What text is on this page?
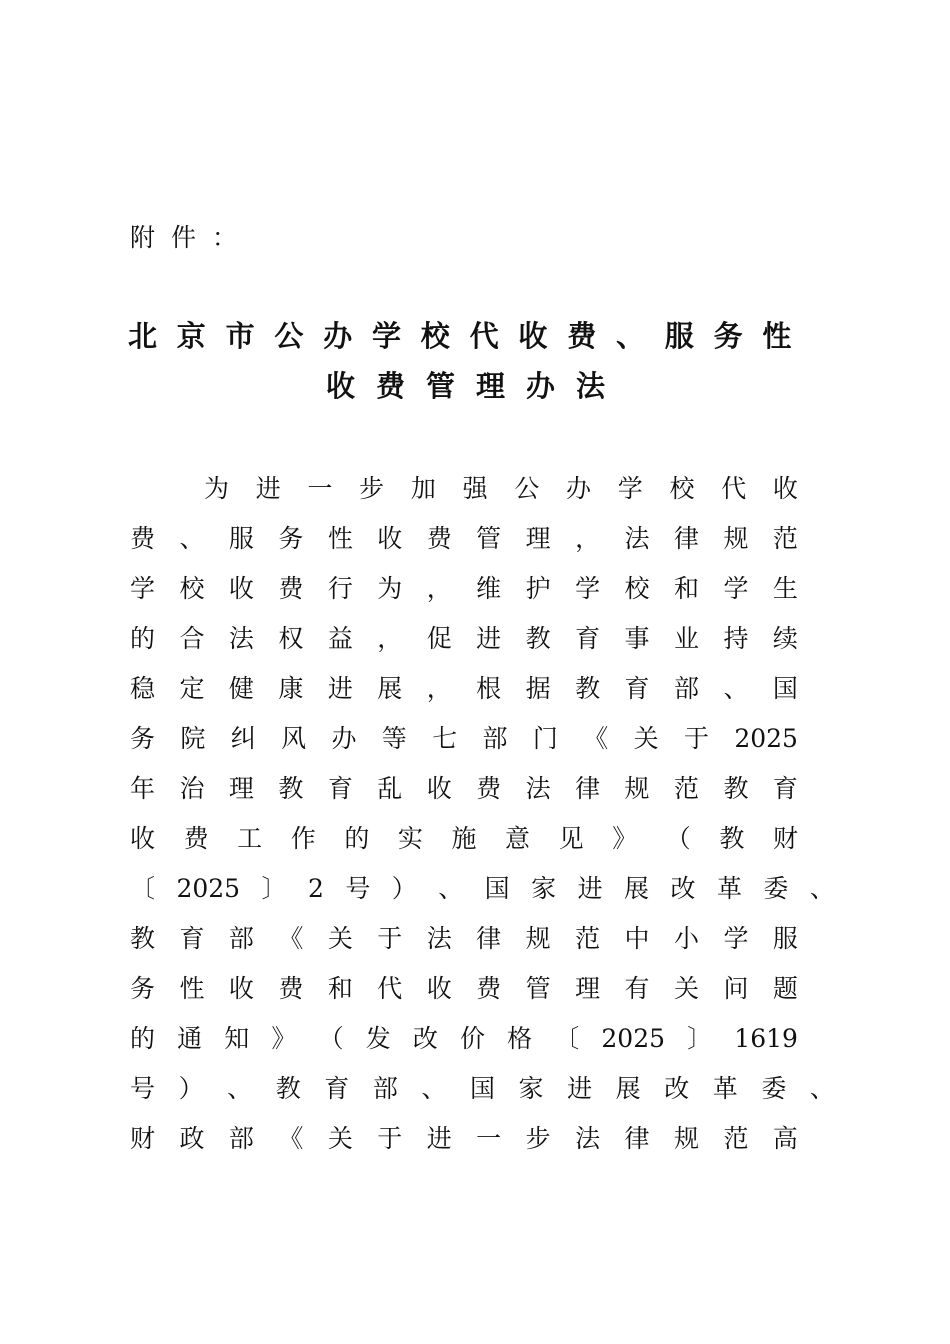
附件：

北京市公办学校代收费、服务性
收费管理办法
为 进 一 步 加 强 公 办 学 校 代 收
费 、 服 务 性 收 费 管 理 ， 法 律 规 范
学 校 收 费 行 为 ， 维 护 学 校 和 学 生
的 合 法 权 益 ， 促 进 教 育 事 业 持 续
稳 定 健 康 进 展 ， 根 据 教 育 部 、 国
务 院 纠 风 办 等 七 部 门 《 关 于 2025
年 治 理 教 育 乱 收 费 法 律 规 范 教 育
收 费 工 作 的 实 施 意 见 》 （ 教 财
〔 2025 〕 2 号 ） 、 国 家 进 展 改 革 委 、
教 育 部 《 关 于 法 律 规 范 中 小 学 服
务 性 收 费 和 代 收 费 管 理 有 关 问 题
的 通 知 》 （ 发 改 价 格 〔 2025 〕 1619
号 ） 、 教 育 部 、 国 家 进 展 改 革 委 、
财 政 部 《 关 于 进 一 步 法 律 规 范 高
